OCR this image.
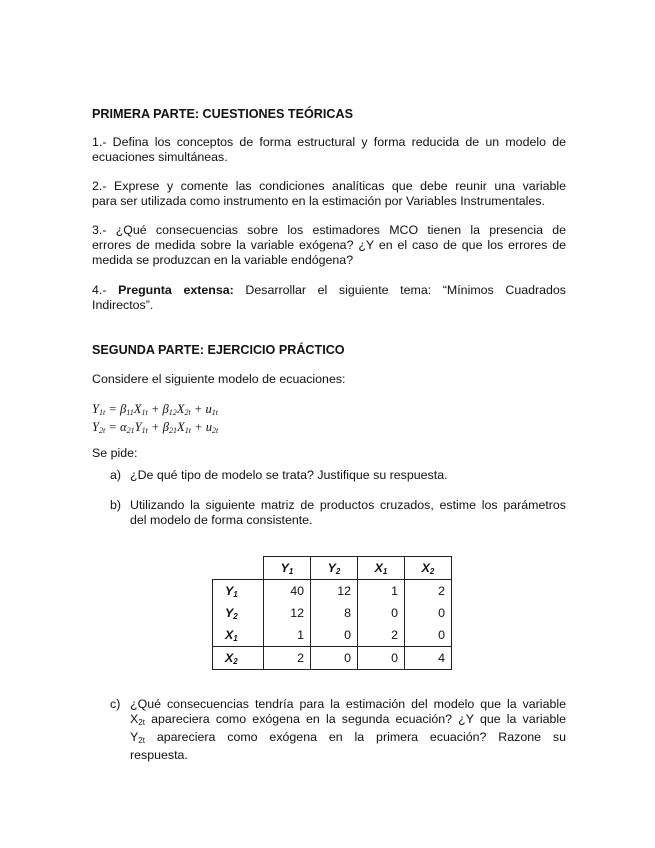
PRIMERA PARTE: CUESTIONES TEÓRICAS
1.- Defina los conceptos de forma estructural y forma reducida de un modelo de
ecuaciones simultáneas.
2.- Exprese y comente las condiciones analíticas que debe reunir una variable
para ser utilizada como instrumento en la estimación por Variables Instrumentales.
3.- ¿Qué consecuencias sobre los estimadores MCO tienen la presencia de
errores de medida sobre la variable exógena? ¿Y en el caso de que los errores de
medida se produzcan en la variable endógena?
4.- Pregunta extensa: Desarrollar el siguiente tema: “Mínimos Cuadrados
Indirectos”.
SEGUNDA PARTE: EJERCICIO PRÁCTICO
Considere el siguiente modelo de ecuaciones:
$Y_{1t} = \beta_{11}X_{1t} + \beta_{12}X_{2t} + u_{1t}$
$Y_{2t} = \alpha_{21}Y_{1t} + \beta_{21}X_{1t} + u_{2t}$
Se pide:
a) ¿De qué tipo de modelo se trata? Justifique su respuesta.
b) Utilizando la siguiente matriz de productos cruzados, estime los parámetros
del modelo de forma consistente.
	$Y_1$	$Y_2$	$X_1$	$X_2$
$Y_1$	40	12	1	2
$Y_2$	12	8	0	0
$X_1$	1	0	2	0
$X_2$	2	0	0	4
c) ¿Qué consecuencias tendría para la estimación del modelo que la variable
$X_{2t}$ apareciera como exógena en la segunda ecuación? ¿Y que la variable
$Y_{2t}$ apareciera como exógena en la primera ecuación? Razone su
respuesta.
